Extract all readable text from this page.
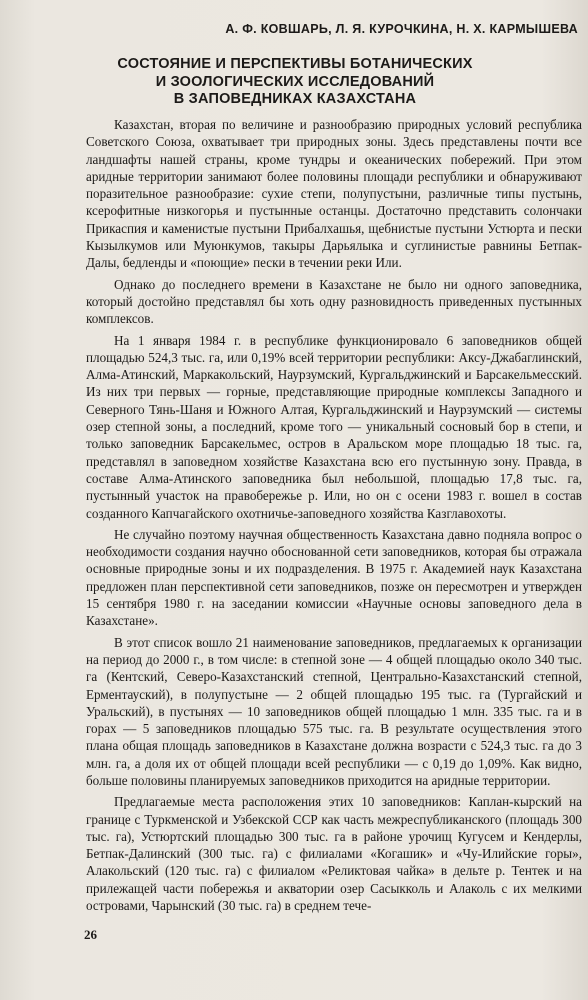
А. Ф. КОВШАРЬ, Л. Я. КУРОЧКИНА, Н. Х. КАРМЫШЕВА
СОСТОЯНИЕ И ПЕРСПЕКТИВЫ БОТАНИЧЕСКИХ
И ЗООЛОГИЧЕСКИХ ИССЛЕДОВАНИЙ
В ЗАПОВЕДНИКАХ КАЗАХСТАНА

Казахстан, вторая по величине и разнообразию природных условий республика Советского Союза, охватывает три природных зоны. Здесь представлены почти все ландшафты нашей страны, кроме тундры и океанических побережий. При этом аридные территории занимают более половины площади республики и обнаруживают поразительное разнообразие: сухие степи, полупустыни, различные типы пустынь, ксерофитные низкогорья и пустынные останцы. Достаточно представить солончаки Прикаспия и каменистые пустыни Прибалхашья, щебнистые пустыни Устюрта и пески Кызылкумов или Муюнкумов, такыры Дарьялыка и суглинистые равнины Бетпак-Далы, бедленды и «поющие» пески в течении реки Или.

Однако до последнего времени в Казахстане не было ни одного заповедника, который достойно представлял бы хоть одну разновидность приведенных пустынных комплексов.

На 1 января 1984 г. в республике функционировало 6 заповедников общей площадью 524,3 тыс. га, или 0,19% всей территории республики: Аксу-Джабаглинский, Алма-Атинский, Маркакольский, Наурзумский, Кургальджинский и Барсакельмесский. Из них три первых — горные, представляющие природные комплексы Западного и Северного Тянь-Шаня и Южного Алтая, Кургальджинский и Наурзумский — системы озер степной зоны, а последний, кроме того — уникальный сосновый бор в степи, и только заповедник Барсакельмес, остров в Аральском море площадью 18 тыс. га, представлял в заповедном хозяйстве Казахстана всю его пустынную зону. Правда, в составе Алма-Атинского заповедника был небольшой, площадью 17,8 тыс. га, пустынный участок на правобережье р. Или, но он с осени 1983 г. вошел в состав созданного Капчагайского охотничье-заповедного хозяйства Казглавохоты.

Не случайно поэтому научная общественность Казахстана давно подняла вопрос о необходимости создания научно обоснованной сети заповедников, которая бы отражала основные природные зоны и их подразделения. В 1975 г. Академией наук Казахстана предложен план перспективной сети заповедников, позже он пересмотрен и утвержден 15 сентября 1980 г. на заседании комиссии «Научные основы заповедного дела в Казахстане».

В этот список вошло 21 наименование заповедников, предлагаемых к организации на период до 2000 г., в том числе: в степной зоне — 4 общей площадью около 340 тыс. га (Кентский, Северо-Казахстанский степной, Центрально-Казахстанский степной, Ерментауский), в полупустыне — 2 общей площадью 195 тыс. га (Тургайский и Уральский), в пустынях — 10 заповедников общей площадью 1 млн. 335 тыс. га и в горах — 5 заповедников площадью 575 тыс. га. В результате осуществления этого плана общая площадь заповедников в Казахстане должна возрасти с 524,3 тыс. га до 3 млн. га, а доля их от общей площади всей республики — с 0,19 до 1,09%. Как видно, больше половины планируемых заповедников приходится на аридные территории.

Предлагаемые места расположения этих 10 заповедников: Каплан-кырский на границе с Туркменской и Узбекской ССР как часть межреспубликанского (площадь 300 тыс. га), Устюртский площадью 300 тыс. га в районе урочищ Кугусем и Кендерлы, Бетпак-Далинский (300 тыс. га) с филиалами «Когашик» и «Чу-Илийские горы», Алакольский (120 тыс. га) с филиалом «Реликтовая чайка» в дельте р. Тентек и на прилежащей части побережья и акватории озер Сасыкколь и Алаколь с их мелкими островами, Чарынский (30 тыс. га) в среднем тече-

26
